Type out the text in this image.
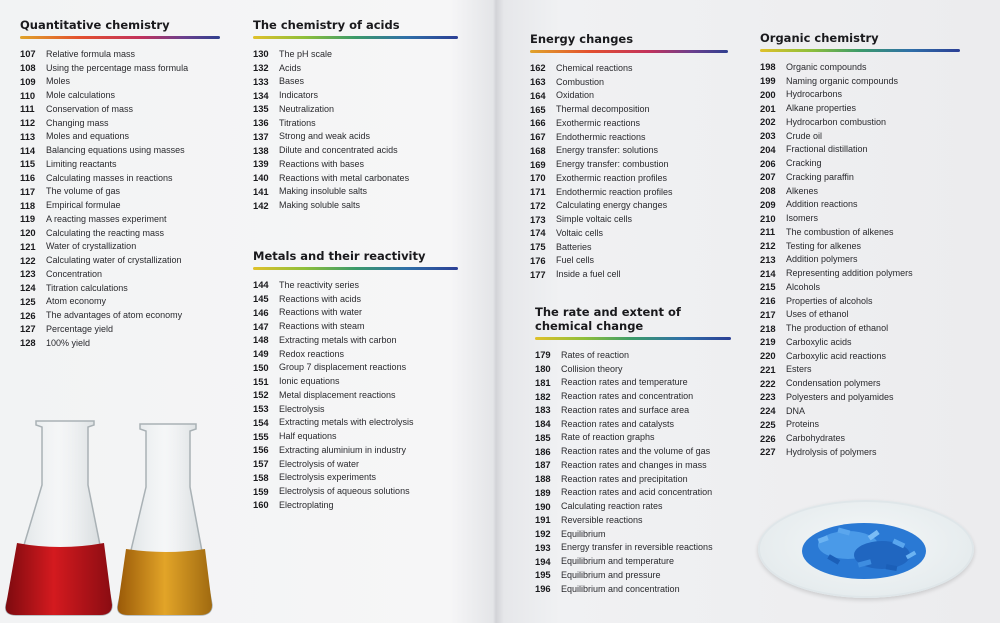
Quantitative chemistry
107	Relative formula mass
108	Using the percentage mass formula
109	Moles
110	Mole calculations
111	Conservation of mass
112	Changing mass
113	Moles and equations
114	Balancing equations using masses
115	Limiting reactants
116	Calculating masses in reactions
117	The volume of gas
118	Empirical formulae
119	A reacting masses experiment
120	Calculating the reacting mass
121	Water of crystallization
122	Calculating water of crystallization
123	Concentration
124	Titration calculations
125	Atom economy
126	The advantages of atom economy
127	Percentage yield
128	100% yield
The chemistry of acids
130	The pH scale
132	Acids
133	Bases
134	Indicators
135	Neutralization
136	Titrations
137	Strong and weak acids
138	Dilute and concentrated acids
139	Reactions with bases
140	Reactions with metal carbonates
141	Making insoluble salts
142	Making soluble salts
Metals and their reactivity
144	The reactivity series
145	Reactions with acids
146	Reactions with water
147	Reactions with steam
148	Extracting metals with carbon
149	Redox reactions
150	Group 7 displacement reactions
151	Ionic equations
152	Metal displacement reactions
153	Electrolysis
154	Extracting metals with electrolysis
155	Half equations
156	Extracting aluminium in industry
157	Electrolysis of water
158	Electrolysis experiments
159	Electrolysis of aqueous solutions
160	Electroplating
Energy changes
162	Chemical reactions
163	Combustion
164	Oxidation
165	Thermal decomposition
166	Exothermic reactions
167	Endothermic reactions
168	Energy transfer: solutions
169	Energy transfer: combustion
170	Exothermic reaction profiles
171	Endothermic reaction profiles
172	Calculating energy changes
173	Simple voltaic cells
174	Voltaic cells
175	Batteries
176	Fuel cells
177	Inside a fuel cell
The rate and extent of
chemical change
179	Rates of reaction
180	Collision theory
181	Reaction rates and temperature
182	Reaction rates and concentration
183	Reaction rates and surface area
184	Reaction rates and catalysts
185	Rate of reaction graphs
186	Reaction rates and the volume of gas
187	Reaction rates and changes in mass
188	Reaction rates and precipitation
189	Reaction rates and acid concentration
190	Calculating reaction rates
191	Reversible reactions
192	Equilibrium
193	Energy transfer in reversible reactions
194	Equilibrium and temperature
195	Equilibrium and pressure
196	Equilibrium and concentration
Organic chemistry
198	Organic compounds
199	Naming organic compounds
200	Hydrocarbons
201	Alkane properties
202	Hydrocarbon combustion
203	Crude oil
204	Fractional distillation
206	Cracking
207	Cracking paraffin
208	Alkenes
209	Addition reactions
210	Isomers
211	The combustion of alkenes
212	Testing for alkenes
213	Addition polymers
214	Representing addition polymers
215	Alcohols
216	Properties of alcohols
217	Uses of ethanol
218	The production of ethanol
219	Carboxylic acids
220	Carboxylic acid reactions
221	Esters
222	Condensation polymers
223	Polyesters and polyamides
224	DNA
225	Proteins
226	Carbohydrates
227	Hydrolysis of polymers
